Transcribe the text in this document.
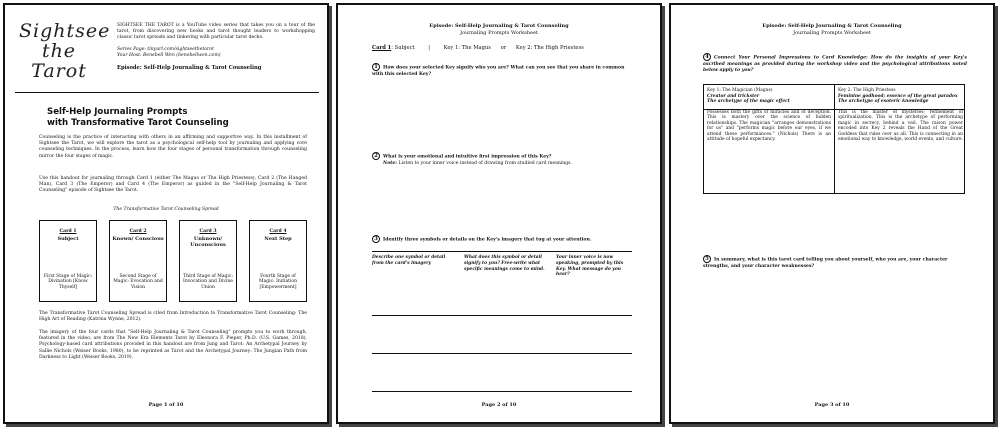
Sightsee
the
Tarot
SIGHTSEE THE TAROT is a YouTube video series that takes you on a tour of the tarot, from discovering new books and tarot thought leaders to workshopping classic tarot spreads and tinkering with particular tarot decks.
Series Page: tinyurl.com/sightseethetarot
Your Host: Benebell Wen (benebellwen.com)
Episode: Self-Help Journaling & Tarot Counseling
Self-Help Journaling Prompts
with Transformative Tarot Counseling
Counseling is the practice of interacting with others in an affirming and supportive way. In this installment of Sightsee the Tarot, we will explore the tarot as a psychological self-help tool by journaling and applying core counseling techniques. In the process, learn how the four stages of personal transformation through counseling mirror the four stages of magic.
Use this handout for journaling through Card 1 (either The Magus or The High Priestess), Card 2 (The Hanged Man), Card 3 (The Emperor) and Card 4 (The Emperor) as guided in the "Self-Help Journaling & Tarot Counseling" episode of Sightsee the Tarot.
The Transformative Tarot Counseling Spread
Card 1
Subject
First Stage of Magic: Divination [Know Thyself]
Card 2
Known/ Conscious
Second Stage of Magic: Evocation and Vision
Card 3
Unknown/ Unconscious
Third Stage of Magic: Invocation and Divine Union
Card 4
Next Step
Fourth Stage of Magic: Initiation [Empowerment]
The Transformative Tarot Counseling Spread is cited from Introduction to Transformative Tarot Counseling: The High Art of Reading (Katrina Wynne, 2012).
The imagery of the four cards that "Self-Help Journaling & Tarot Counseling" prompts you to work through, featured in the video, are from The New Era Elements Tarot by Eleonora F. Pieper, Ph.D. (U.S. Games, 2018). Psychology-based card attributions provided in this handout are from Jung and Tarot: An Archetypal Journey by Sallie Nichols (Weiser Books, 1980), to be reprinted as Tarot and the Archetypal Journey: The Jungian Path from Darkness to Light (Weiser Books, 2019).
Page 1 of 10
Episode: Self-Help Journaling & Tarot Counseling
Journaling Prompts Worksheet
Card 1: Subject	|	Key 1: The Magus or Key 2: The High Priestess
1 How does your selected Key signify who you are? What can you see that you share in common with this selected Key?
2 What is your emotional and intuitive first impression of this Key?
Note: Listen to your inner voice instead of drawing from studied card meanings.
3 Identify three symbols or details on the Key's imagery that tug at your attention.
Describe one symbol or detail from the card's imagery
What does this symbol or detail signify to you? Free-write what specific meanings come to mind.
Your inner voice is now speaking, prompted by this Key. What message do you hear?
Page 2 of 10
Episode: Self-Help Journaling & Tarot Counseling
Journaling Prompts Worksheet
4 Connect Your Personal Impressions to Card Knowledge: How do the insights of your Key's ascribed meanings as provided during the workshop video and the psychological attributions noted below apply to you?
Key 1: The Magician (Magus)
Creator and trickster
The archetype of the magic effect
Possesses both the gifts of miracles and of deception. This is mastery over the science of hidden relationships. The magician "arranges demonstrations for us" and "performs magic before our eyes, if we attend these performances." (Nichols) There is an attitude of hopeful expectancy.
Key 2: The High Priestess
Feminine godhood; essence of the great paradox
The archetype of esoteric knowledge
This is the master of mysteries; refinement of spiritualization. This is the archetype of performing magic in secrecy, behind a veil. The raison power encoded into Key 2 reveals the Hand of the Great Goddess that rules over us all. This is connecting in an emotional way to knowledge, world events, and culture.
5 In summary, what is this tarot card telling you about yourself, who you are, your character strengths, and your character weaknesses?
Page 3 of 10
